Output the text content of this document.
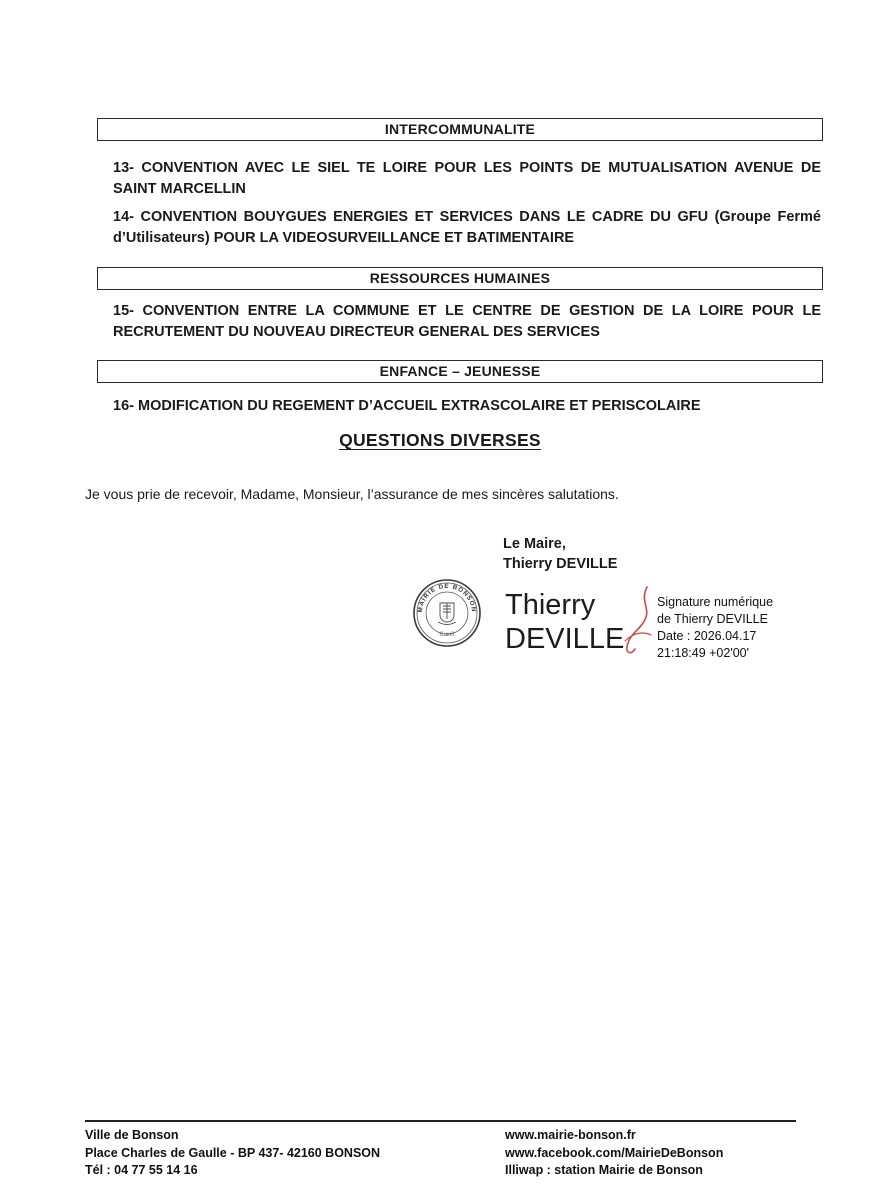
INTERCOMMUNALITE
13- CONVENTION AVEC LE SIEL TE LOIRE POUR LES POINTS DE MUTUALISATION AVENUE DE SAINT MARCELLIN
14- CONVENTION BOUYGUES ENERGIES ET SERVICES DANS LE CADRE DU GFU (Groupe Fermé d’Utilisateurs) POUR LA VIDEOSURVEILLANCE ET BATIMENTAIRE
RESSOURCES HUMAINES
15- CONVENTION ENTRE LA COMMUNE ET LE CENTRE DE GESTION DE LA LOIRE POUR LE RECRUTEMENT DU NOUVEAU DIRECTEUR GENERAL DES SERVICES
ENFANCE – JEUNESSE
16- MODIFICATION DU REGEMENT D’ACCUEIL EXTRASCOLAIRE ET PERISCOLAIRE
QUESTIONS DIVERSES
Je vous prie de recevoir, Madame, Monsieur, l’assurance de mes sincères salutations.
Le Maire,
Thierry DEVILLE
MAIRIE DE BONSON
(Loire)
Thierry
DEVILLE
Signature numérique
de Thierry DEVILLE
Date : 2026.04.17
21:18:49 +02'00'
Ville de Bonson
Place Charles de Gaulle - BP 437- 42160 BONSON
Tél : 04 77 55 14 16
www.mairie-bonson.fr
www.facebook.com/MairieDeBonson
Illiwap : station Mairie de Bonson
